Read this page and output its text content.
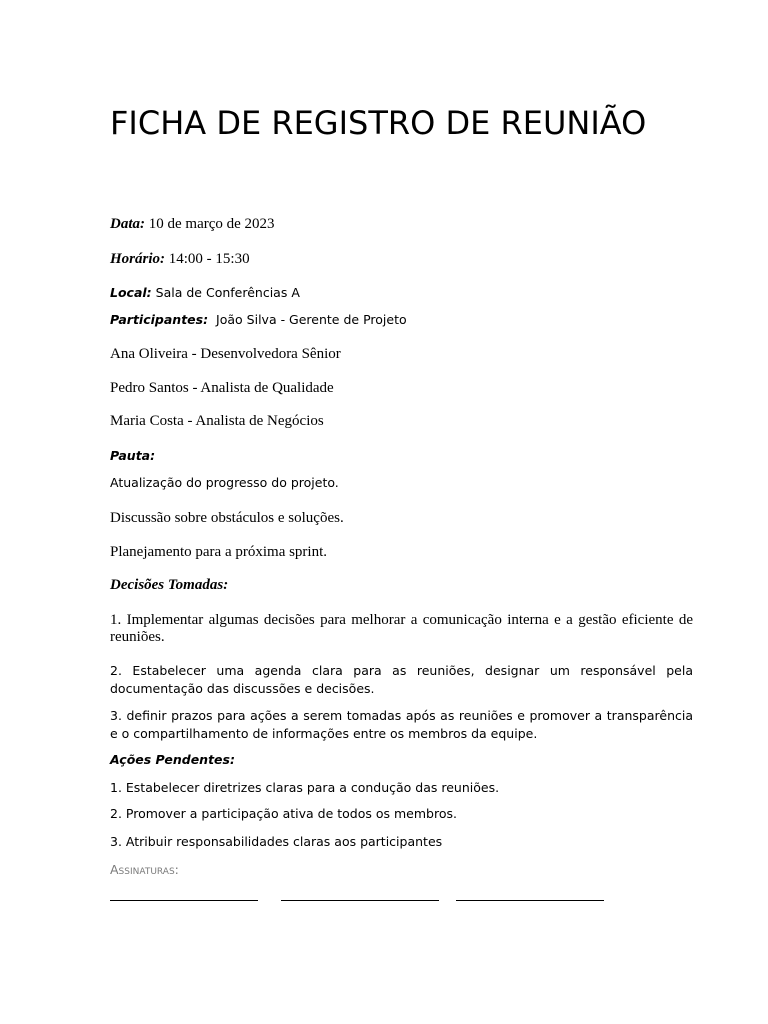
FICHA DE REGISTRO DE REUNIÃO
Data: 10 de março de 2023
Horário: 14:00 - 15:30
Local: Sala de Conferências A
Participantes: João Silva - Gerente de Projeto
Ana Oliveira - Desenvolvedora Sênior
Pedro Santos - Analista de Qualidade
Maria Costa - Analista de Negócios
Pauta:
Atualização do progresso do projeto.
Discussão sobre obstáculos e soluções.
Planejamento para a próxima sprint.
Decisões Tomadas:
1. Implementar algumas decisões para melhorar a comunicação interna e a gestão eficiente de reuniões.
2. Estabelecer uma agenda clara para as reuniões, designar um responsável pela documentação das discussões e decisões.
3. definir prazos para ações a serem tomadas após as reuniões e promover a transparência e o compartilhamento de informações entre os membros da equipe.
Ações Pendentes:
1. Estabelecer diretrizes claras para a condução das reuniões.
2. Promover a participação ativa de todos os membros.
3. Atribuir responsabilidades claras aos participantes
Assinaturas:
